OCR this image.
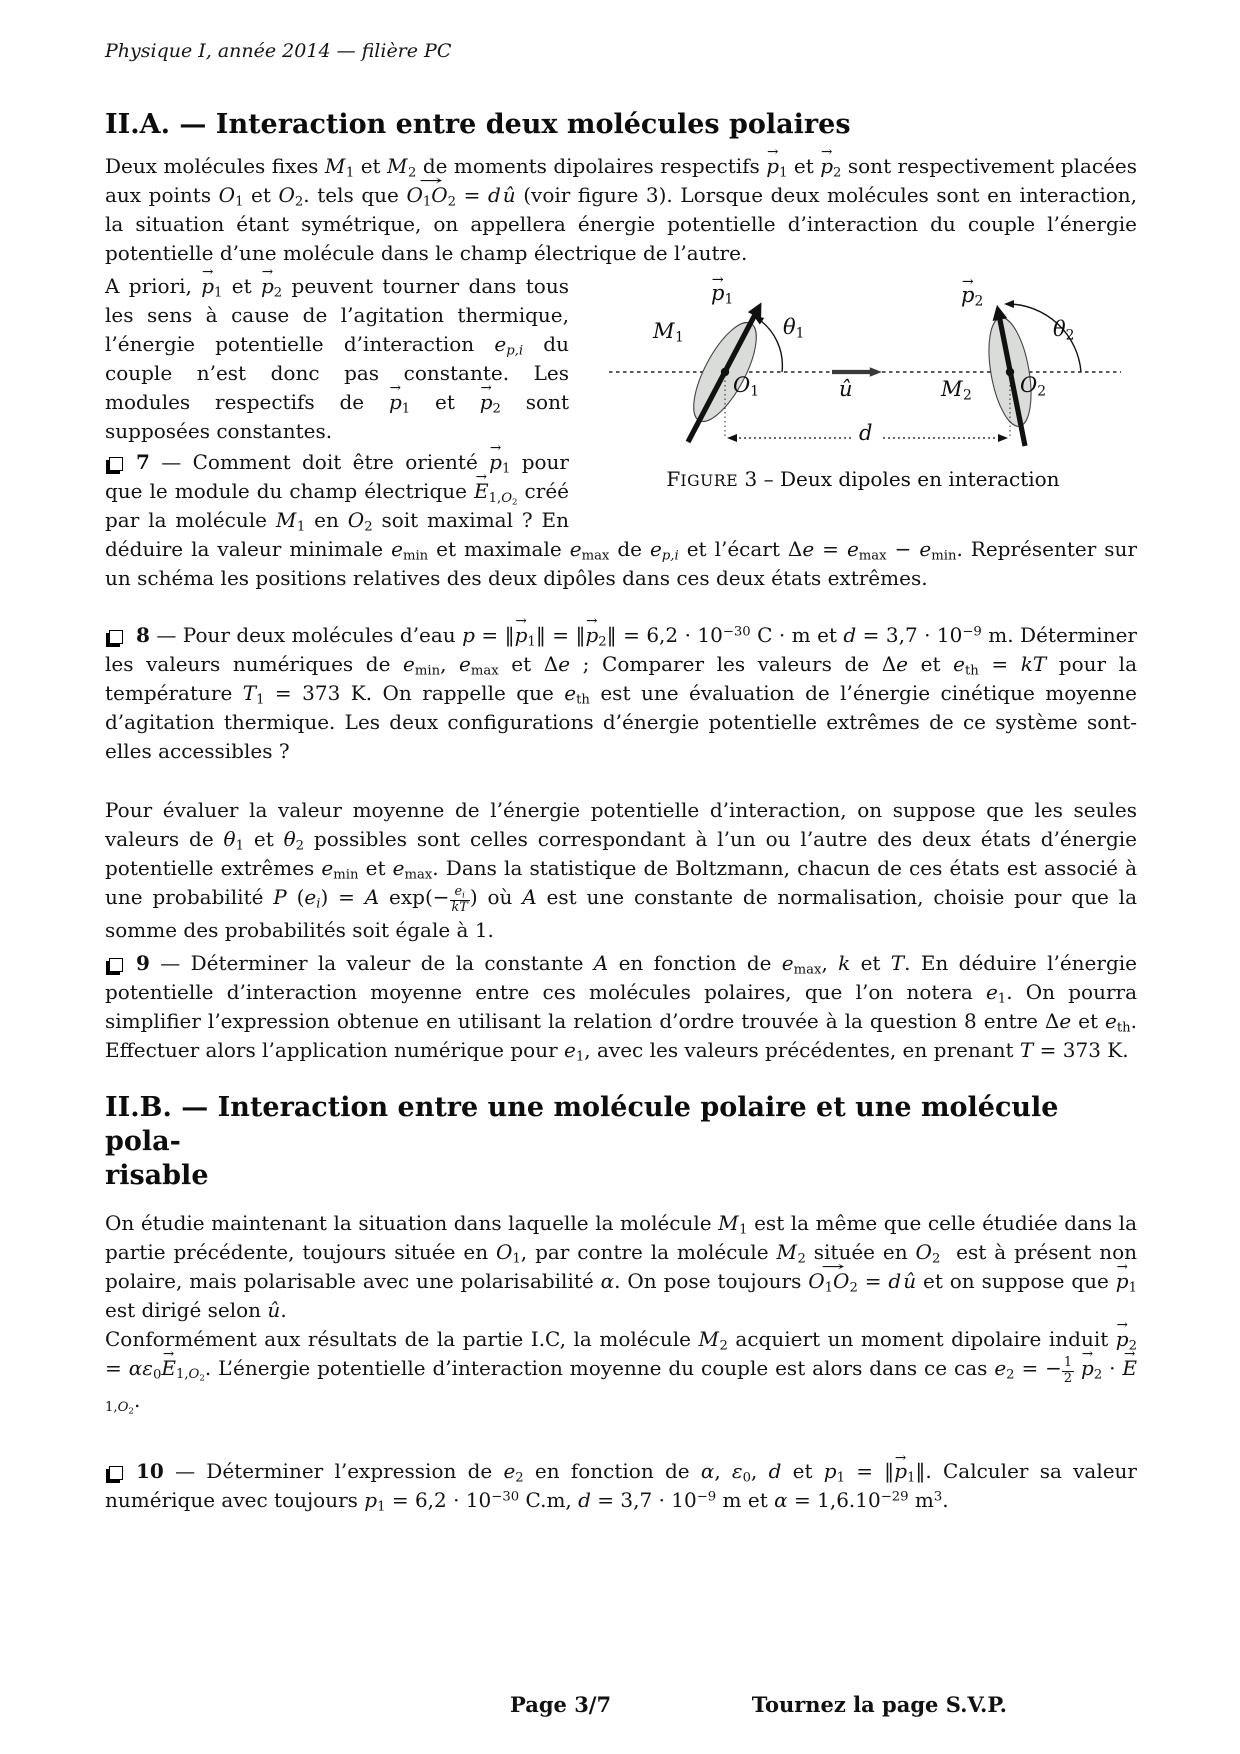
Physique I, année 2014 — filière PC
II.A. — Interaction entre deux molécules polaires

Deux molécules fixes $M_1$ et $M_2$ de moments dipolaires respectifs $p \to_1$ et $p \to_2$ sont respectivement placées aux points $O_1$ et $O_2$. tels que $O_1O_2$ → = d  û (voir figure 3). Lorsque deux molécules sont en interaction, la situation étant symétrique, on appellera énergie potentielle d’interaction du couple l’énergie potentielle d’une molécule dans le champ électrique de l’autre.

$p \to_1$
$M_1$	$\theta_1$
$O_1$	û
$p \to_2$
$M_2$
$\theta_2$
$O_2$
d
FIGURE 3 – Deux dipoles en interaction

A priori, $p \to_1$ et $p \to_2$ peuvent tourner dans tous les sens à cause de l’agitation thermique, l’énergie potentielle d’interaction $e_{p,i}$ du couple n’est donc pas constante. Les modules respectifs de $p \to_1$ et $p \to_2$ sont supposées constantes.

7 — Comment doit être orienté $p \to_1$ pour que le module du champ électrique $E \to_{1,O_2}$ créé par la molécule $M_1$ en $O_2$ soit maximal ? En déduire la valeur minimale $e_{min}$ et maximale $e_{max}$ de $e_{p,i}$ et l’écart $\Delta e = e_{max} - e_{min}$. Représenter sur un schéma les positions relatives des deux dipôles dans ces deux états extrêmes.

8 — Pour deux molécules d’eau p = ‖p $\to_1‖$ = ‖p $\to_2‖ = 6,2 \cdot 10^{-30}$ C · m et $d = 3,7 \cdot 10^{-9}$ m. Déterminer les valeurs numériques de $e_{min}$, $e_{max}$ et Δe ; Comparer les valeurs de Δe et $e_{th}$ = kT pour la température $T_1 = 373$ K. On rappelle que $e_{th}$ est une évaluation de l’énergie cinétique moyenne d’agitation thermique. Les deux configurations d’énergie potentielle extrêmes de ce système sont-elles accessibles ?

Pour évaluer la valeur moyenne de l’énergie potentielle d’interaction, on suppose que les seules valeurs de $\theta_1$ et $\theta_2$ possibles sont celles correspondant à l’un ou l’autre des deux états d’énergie potentielle extrêmes $e_{min}$ et $e_{max}$. Dans la statistique de Boltzmann, chacun de ces états est associé à une probabilité P $(e_i) = A$ $\exp(- \frac{e_i}{kT}$ ) où A est une constante de normalisation, choisie pour que la somme des probabilités soit égale à 1.

9 — Déterminer la valeur de la constante A en fonction de $e_{max}$, k et T. En déduire l’énergie potentielle d’interaction moyenne entre ces molécules polaires, que l’on notera $e_1$. On pourra simplifier l’expression obtenue en utilisant la relation d’ordre trouvée à la question 8 entre Δe et $e_{th}$. Effectuer alors l’application numérique pour $e_1$, avec les valeurs précédentes, en prenant T = 373 K.

II.B. — Interaction entre une molécule polaire et une molécule pola-
risable

On étudie maintenant la situation dans laquelle la molécule $M_1$ est la même que celle étudiée dans la partie précédente, toujours située en $O_1$, par contre la molécule $M_2$ située en $O_2$  est à présent non polaire, mais polarisable avec une polarisabilité α. On pose toujours $O_1O_2$ → = d  û et on suppose que $p \to_1$ est dirigé selon û.

Conformément aux résultats de la partie I.C, la molécule $M_2$ acquiert un moment dipolaire induit $p \to_2 = \alpha\varepsilon_0E \to_{1,O_2}$. L’énergie potentielle d’interaction moyenne du couple est alors dans ce cas $e_2$ = − $\frac{1}{2}$ $p \to_2 \cdot E \to_{1,O_2}$.

10 — Déterminer l’expression de $e_2$ en fonction de α, $\varepsilon_0$, d et $p_1$ = ‖p $\to_1‖$. Calculer sa valeur numérique avec toujours $p_1 = 6,2 \cdot 10^{-30}$ C.m, $d = 3,7 \cdot 10^{-9}$ m et $\alpha = 1,6.10^{-29}$ $m^3$.

Page 3/7	Tournez la page S.V.P.
